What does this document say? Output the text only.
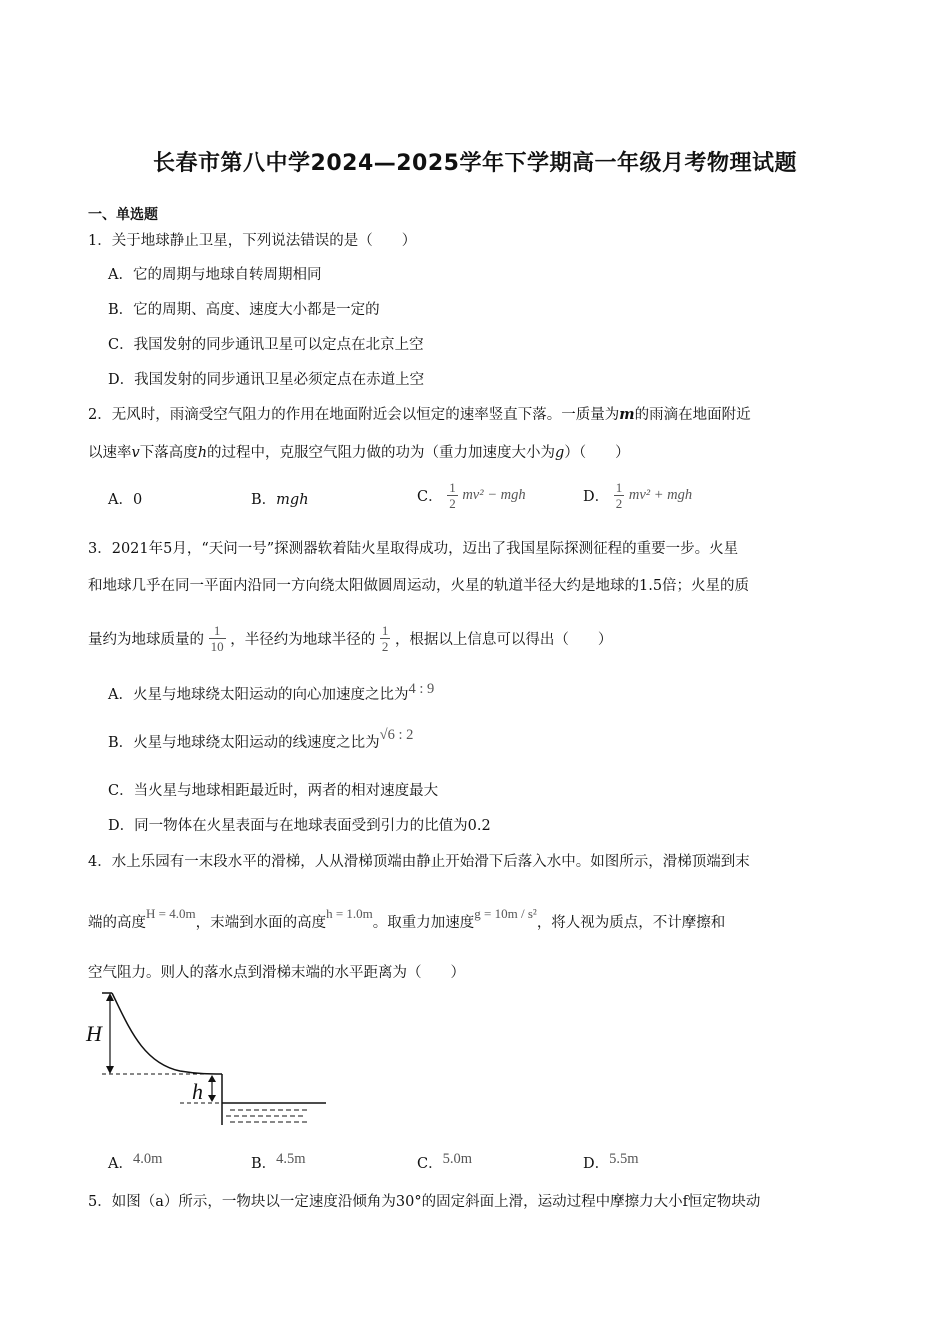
长春市第八中学2024—2025学年下学期高一年级月考物理试题
一、单选题
1．关于地球静止卫星，下列说法错误的是（　　）
A．它的周期与地球自转周期相同
B．它的周期、高度、速度大小都是一定的
C．我国发射的同步通讯卫星可以定点在北京上空
D．我国发射的同步通讯卫星必须定点在赤道上空
2．无风时，雨滴受空气阻力的作用在地面附近会以恒定的速率竖直下落。一质量为m的雨滴在地面附近
以速率v下落高度h的过程中，克服空气阻力做的功为（重力加速度大小为g）（　　）
A．0	B．mgh	C． $\frac{1}{2} mv^2$ − mgh	D． $\frac{1}{2} mv^2$ + mgh
3．2021年5月，“天问一号”探测器软着陆火星取得成功，迈出了我国星际探测征程的重要一步。火星
和地球几乎在同一平面内沿同一方向绕太阳做圆周运动，火星的轨道半径大约是地球的1.5倍；火星的质
量约为地球质量的 $\frac{1}{10}$ ，半径约为地球半径的 $\frac{1}{2}$ ，根据以上信息可以得出（　　）
A．火星与地球绕太阳运动的向心加速度之比为4 : 9
B．火星与地球绕太阳运动的线速度之比为√6 : 2
C．当火星与地球相距最近时，两者的相对速度最大
D．同一物体在火星表面与在地球表面受到引力的比值为0.2
4．水上乐园有一末段水平的滑梯，人从滑梯顶端由静止开始滑下后落入水中。如图所示，滑梯顶端到末
端的高度H = 4.0m，末端到水面的高度h = 1.0m。取重力加速度g = 10m / s²，将人视为质点，不计摩擦和
空气阻力。则人的落水点到滑梯末端的水平距离为（　　）
H
h
A．4.0m	B．4.5m	C．5.0m	D．5.5m
5．如图（a）所示，一物块以一定速度沿倾角为30°的固定斜面上滑，运动过程中摩擦力大小f恒定物块动
